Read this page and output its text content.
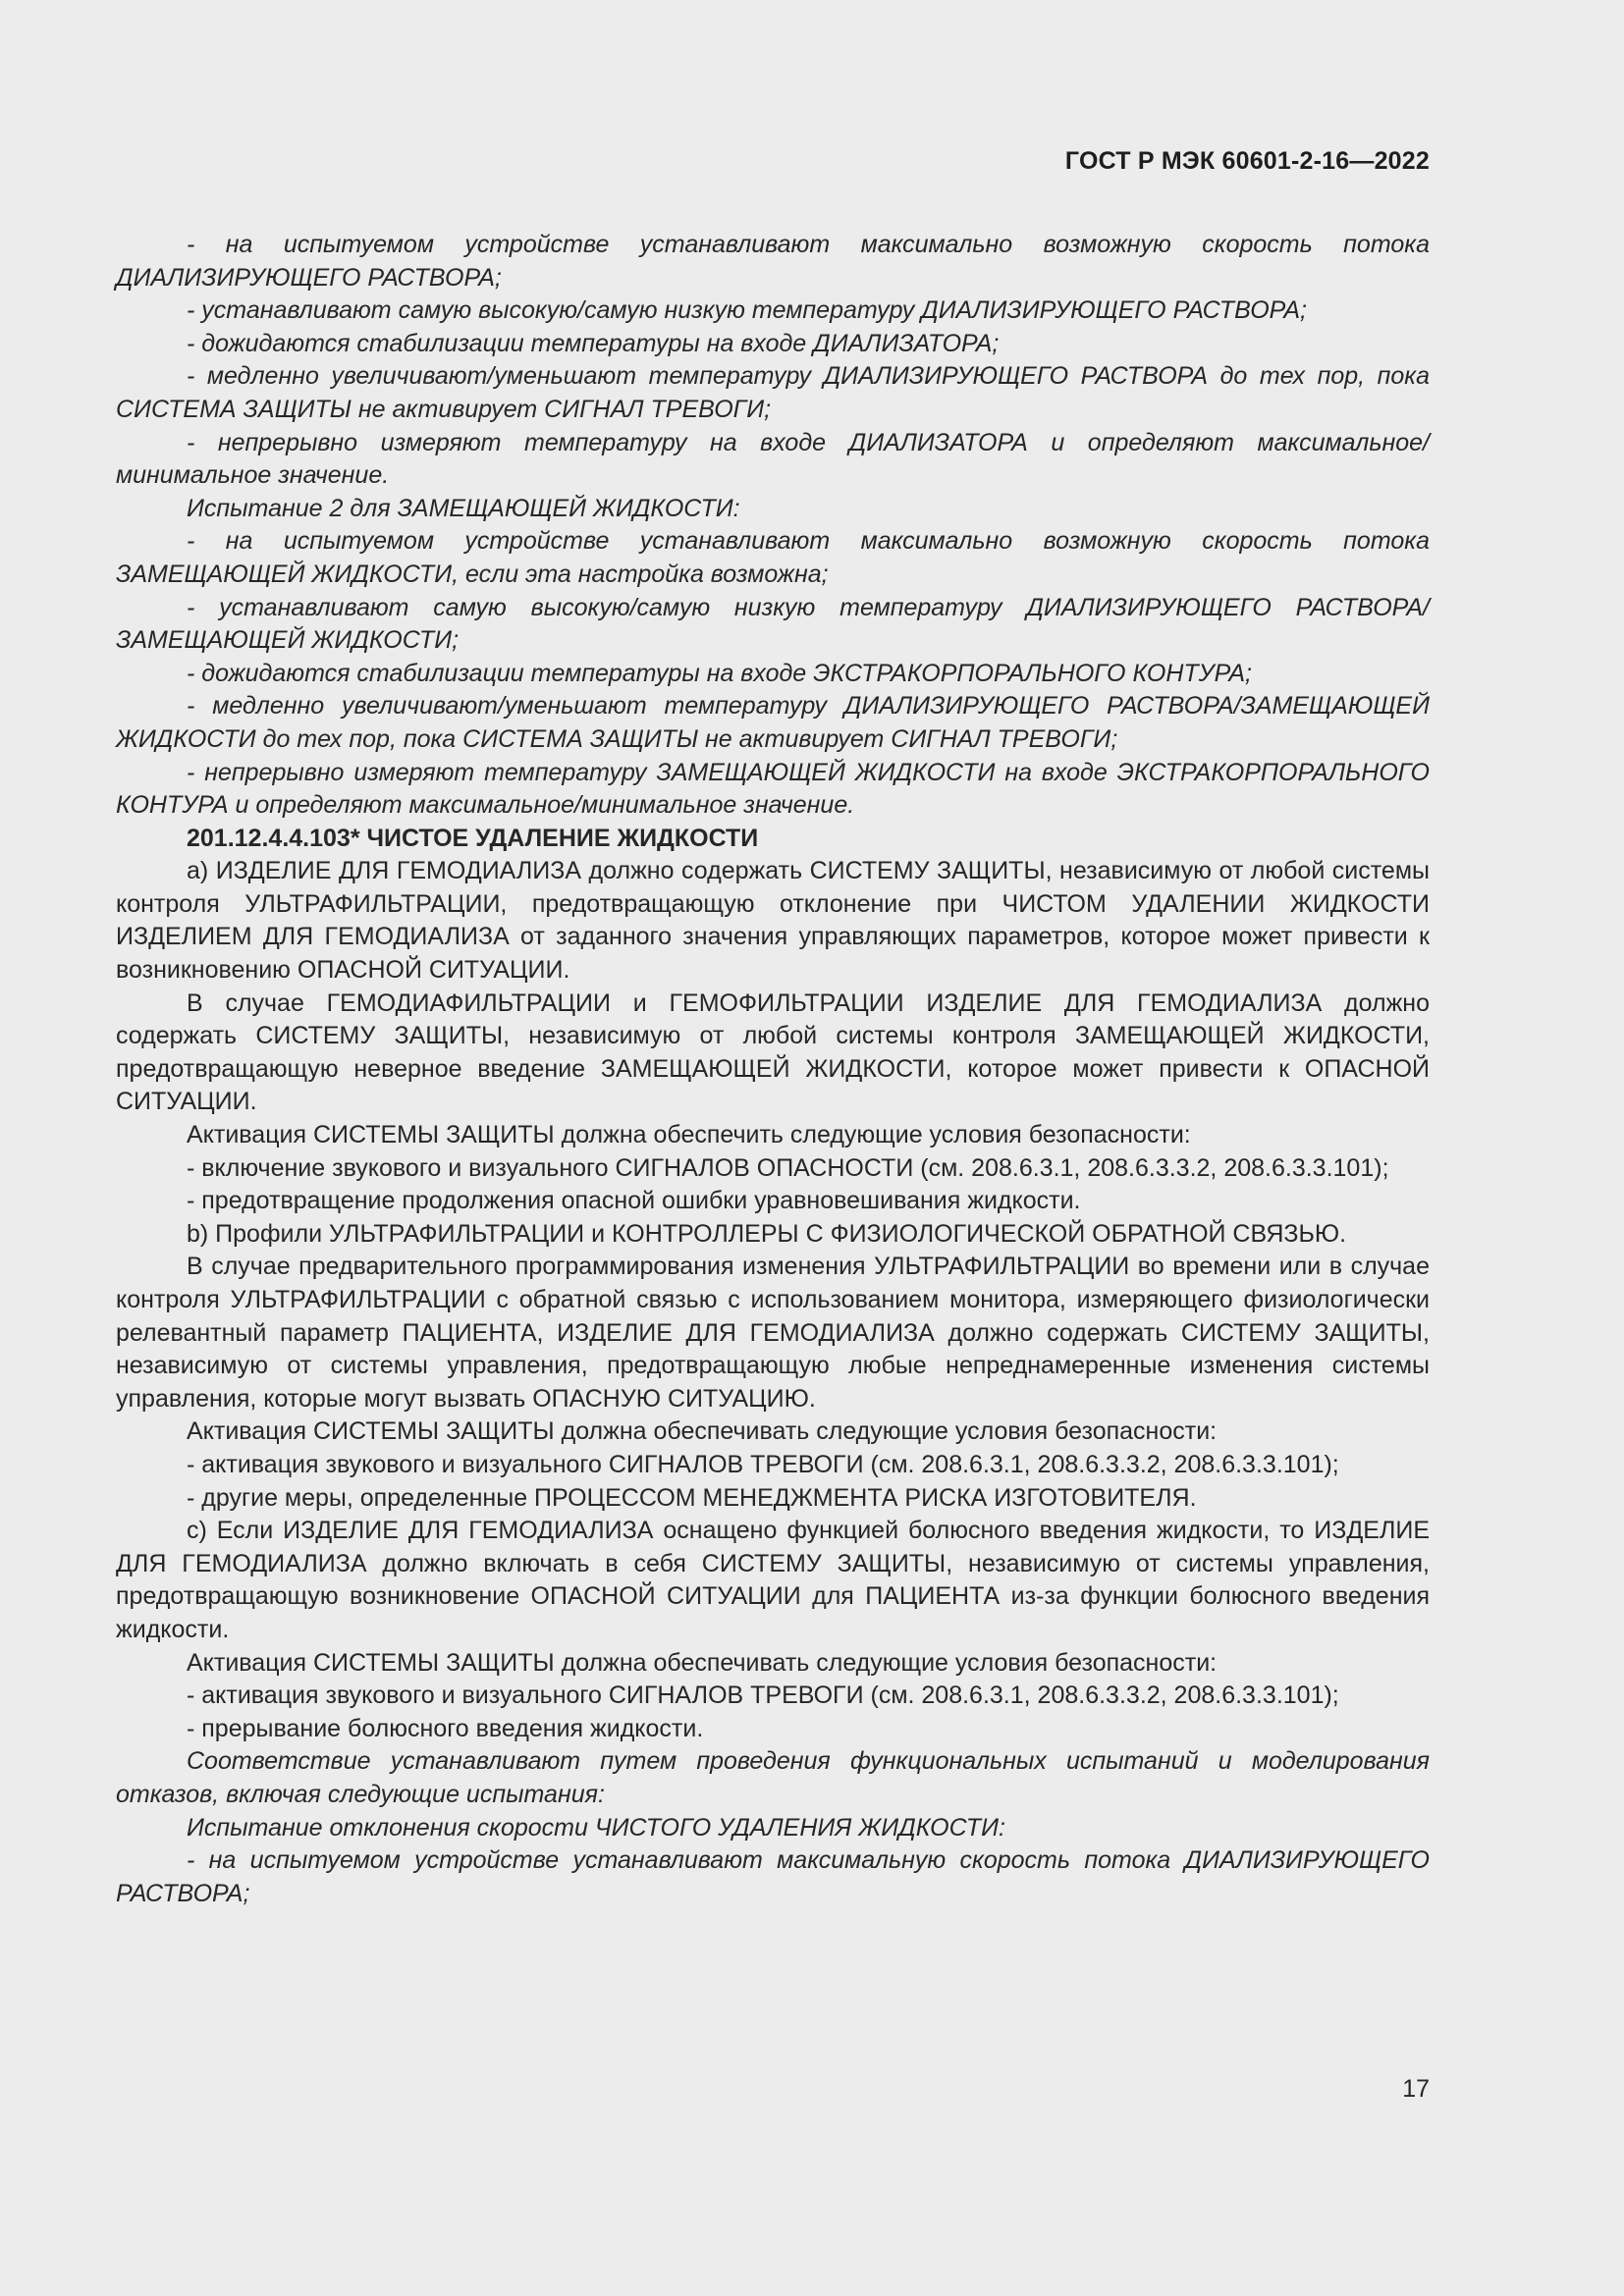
ГОСТ Р МЭК 60601-2-16—2022

- на испытуемом устройстве устанавливают максимально возможную скорость потока ДИАЛИЗИРУЮЩЕГО РАСТВОРА;

- устанавливают самую высокую/самую низкую температуру ДИАЛИЗИРУЮЩЕГО РАСТВОРА;

- дожидаются стабилизации температуры на входе ДИАЛИЗАТОРА;

- медленно увеличивают/уменьшают температуру ДИАЛИЗИРУЮЩЕГО РАСТВОРА до тех пор, пока СИСТЕМА ЗАЩИТЫ не активирует СИГНАЛ ТРЕВОГИ;

- непрерывно измеряют температуру на входе ДИАЛИЗАТОРА и определяют максимальное/минимальное значение.

Испытание 2 для ЗАМЕЩАЮЩЕЙ ЖИДКОСТИ:

- на испытуемом устройстве устанавливают максимально возможную скорость потока ЗАМЕЩАЮЩЕЙ ЖИДКОСТИ, если эта настройка возможна;

- устанавливают самую высокую/самую низкую температуру ДИАЛИЗИРУЮЩЕГО РАСТВОРА/ЗАМЕЩАЮЩЕЙ ЖИДКОСТИ;

- дожидаются стабилизации температуры на входе ЭКСТРАКОРПОРАЛЬНОГО КОНТУРА;

- медленно увеличивают/уменьшают температуру ДИАЛИЗИРУЮЩЕГО РАСТВОРА/ЗАМЕЩАЮЩЕЙ ЖИДКОСТИ до тех пор, пока СИСТЕМА ЗАЩИТЫ не активирует СИГНАЛ ТРЕВОГИ;

- непрерывно измеряют температуру ЗАМЕЩАЮЩЕЙ ЖИДКОСТИ на входе ЭКСТРАКОРПОРАЛЬНОГО КОНТУРА и определяют максимальное/минимальное значение.

201.12.4.4.103* ЧИСТОЕ УДАЛЕНИЕ ЖИДКОСТИ

а) ИЗДЕЛИЕ ДЛЯ ГЕМОДИАЛИЗА должно содержать СИСТЕМУ ЗАЩИТЫ, независимую от любой системы контроля УЛЬТРАФИЛЬТРАЦИИ, предотвращающую отклонение при ЧИСТОМ УДАЛЕНИИ ЖИДКОСТИ ИЗДЕЛИЕМ ДЛЯ ГЕМОДИАЛИЗА от заданного значения управляющих параметров, которое может привести к возникновению ОПАСНОЙ СИТУАЦИИ.

В случае ГЕМОДИАФИЛЬТРАЦИИ и ГЕМОФИЛЬТРАЦИИ ИЗДЕЛИЕ ДЛЯ ГЕМОДИАЛИЗА должно содержать СИСТЕМУ ЗАЩИТЫ, независимую от любой системы контроля ЗАМЕЩАЮЩЕЙ ЖИДКОСТИ, предотвращающую неверное введение ЗАМЕЩАЮЩЕЙ ЖИДКОСТИ, которое может привести к ОПАСНОЙ СИТУАЦИИ.

Активация СИСТЕМЫ ЗАЩИТЫ должна обеспечить следующие условия безопасности:

- включение звукового и визуального СИГНАЛОВ ОПАСНОСТИ (см. 208.6.3.1, 208.6.3.3.2, 208.6.3.3.101);

- предотвращение продолжения опасной ошибки уравновешивания жидкости.

b) Профили УЛЬТРАФИЛЬТРАЦИИ и КОНТРОЛЛЕРЫ С ФИЗИОЛОГИЧЕСКОЙ ОБРАТНОЙ СВЯЗЬЮ.

В случае предварительного программирования изменения УЛЬТРАФИЛЬТРАЦИИ во времени или в случае контроля УЛЬТРАФИЛЬТРАЦИИ с обратной связью с использованием монитора, измеряющего физиологически релевантный параметр ПАЦИЕНТА, ИЗДЕЛИЕ ДЛЯ ГЕМОДИАЛИЗА должно содержать СИСТЕМУ ЗАЩИТЫ, независимую от системы управления, предотвращающую любые непреднамеренные изменения системы управления, которые могут вызвать ОПАСНУЮ СИТУАЦИЮ.

Активация СИСТЕМЫ ЗАЩИТЫ должна обеспечивать следующие условия безопасности:

- активация звукового и визуального СИГНАЛОВ ТРЕВОГИ (см. 208.6.3.1, 208.6.3.3.2, 208.6.3.3.101);

- другие меры, определенные ПРОЦЕССОМ МЕНЕДЖМЕНТА РИСКА ИЗГОТОВИТЕЛЯ.

с) Если ИЗДЕЛИЕ ДЛЯ ГЕМОДИАЛИЗА оснащено функцией болюсного введения жидкости, то ИЗДЕЛИЕ ДЛЯ ГЕМОДИАЛИЗА должно включать в себя СИСТЕМУ ЗАЩИТЫ, независимую от системы управления, предотвращающую возникновение ОПАСНОЙ СИТУАЦИИ для ПАЦИЕНТА из-за функции болюсного введения жидкости.

Активация СИСТЕМЫ ЗАЩИТЫ должна обеспечивать следующие условия безопасности:

- активация звукового и визуального СИГНАЛОВ ТРЕВОГИ (см. 208.6.3.1, 208.6.3.3.2, 208.6.3.3.101);

- прерывание болюсного введения жидкости.

Соответствие устанавливают путем проведения функциональных испытаний и моделирования отказов, включая следующие испытания:

Испытание отклонения скорости ЧИСТОГО УДАЛЕНИЯ ЖИДКОСТИ:

- на испытуемом устройстве устанавливают максимальную скорость потока ДИАЛИЗИРУЮЩЕГО РАСТВОРА;

17
